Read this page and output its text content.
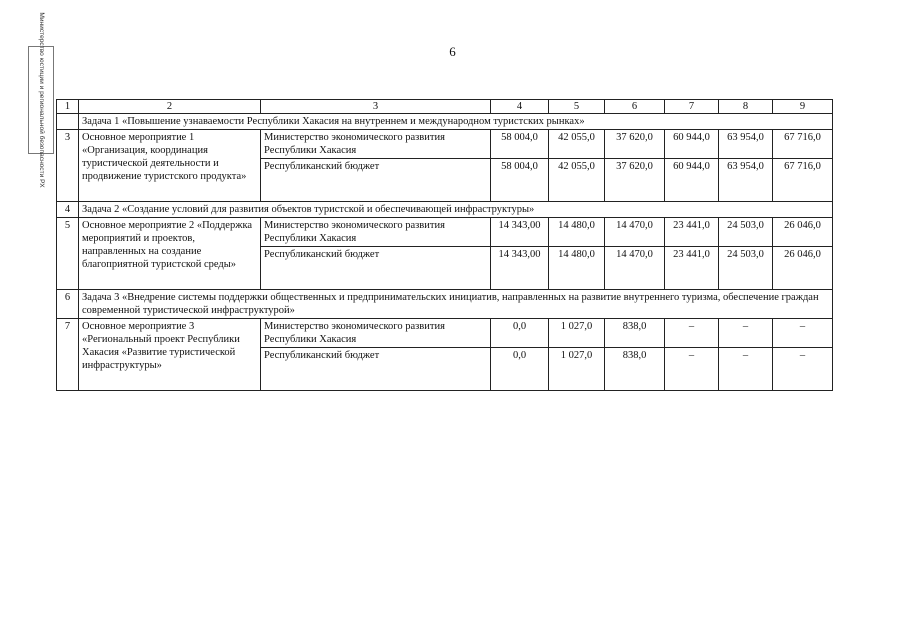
6
Министерство юстиции и региональной безопасности РХ 1	2	3	4	5	6	7	8	9
	Задача 1 «Повышение узнаваемости Республики Хакасия на внутреннем и международном туристских рынках»							
3	Основное мероприятие 1 «Организация, координация туристической деятельности и продвижение туристского продукта»	Министерство экономического развития Республики Хакасия	58 004,0	42 055,0	37 620,0	60 944,0	63 954,0	67 716,0
		Республиканский бюджет	58 004,0	42 055,0	37 620,0	60 944,0	63 954,0	67 716,0
4	Задача 2 «Создание условий для развития объектов туристской и обеспечивающей инфраструктуры»							
5	Основное мероприятие 2 «Поддержка мероприятий и проектов, направленных на создание благоприятной туристской среды»	Министерство экономического развития Республики Хакасия	14 343,00	14 480,0	14 470,0	23 441,0	24 503,0	26 046,0
		Республиканский бюджет	14 343,00	14 480,0	14 470,0	23 441,0	24 503,0	26 046,0
6	Задача 3 «Внедрение системы поддержки общественных и предпринимательских инициатив, направленных на развитие внутреннего туризма, обеспечение граждан современной туристической инфраструктурой»							
7	Основное мероприятие 3 «Региональный проект Республики Хакасия «Развитие туристической инфраструктуры»	Министерство экономического развития Республики Хакасия	0,0	1 027,0	838,0	–	–	–
		Республиканский бюджет	0,0	1 027,0	838,0	–	–	–
